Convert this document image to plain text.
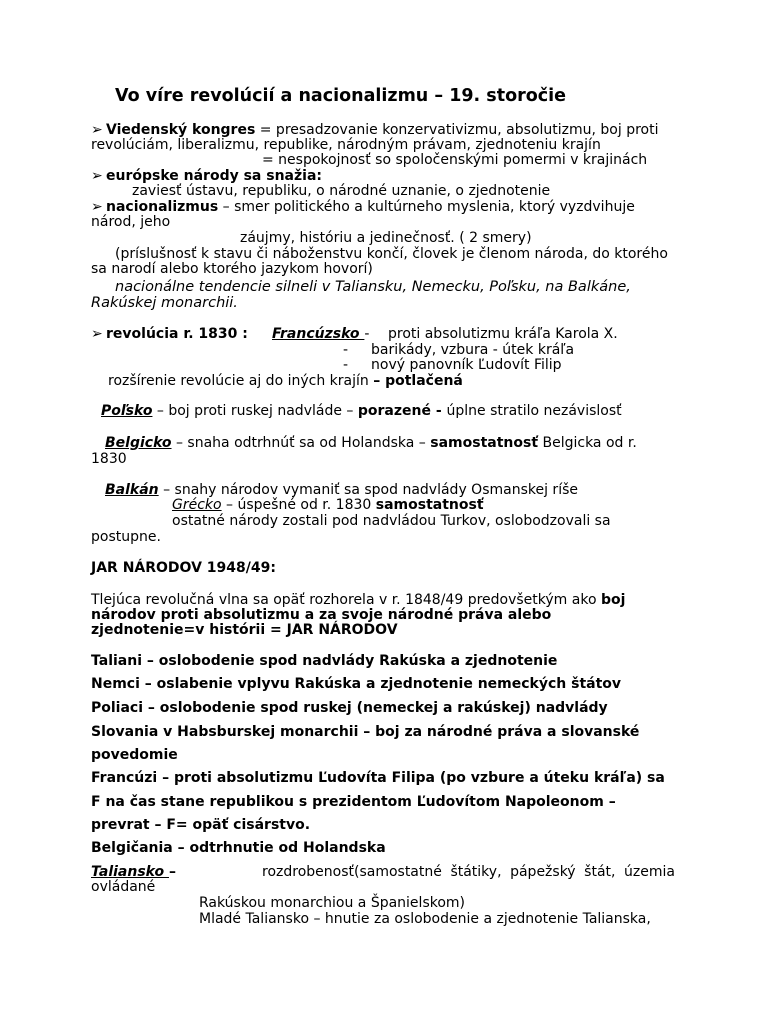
Vo víre revolúcií a nacionalizmu – 19. storočie
➢ Viedenský kongres = presadzovanie konzervativizmu, absolutizmu, boj proti
revolúciám, liberalizmu, republike, národným právam, zjednoteniu krajín
= nespokojnosť so spoločenskými pomermi v krajinách
➢ európske národy sa snažia:
zaviesť ústavu, republiku, o národné uznanie, o zjednotenie
➢ nacionalizmus – smer politického a kultúrneho myslenia, ktorý vyzdvihuje
národ, jeho
záujmy, históriu a jedinečnosť. ( 2 smery)
(príslušnosť k stavu či náboženstvu končí, človek je členom národa, do ktorého
sa narodí alebo ktorého jazykom hovorí)
nacionálne tendencie silneli v Taliansku, Nemecku, Poľsku, na Balkáne,
Rakúskej monarchii.
➢ revolúcia r. 1830 : Francúzsko - proti absolutizmu kráľa Karola X.
- barikády, vzbura - útek kráľa
- nový panovník Ľudovít Filip
rozšírenie revolúcie aj do iných krajín – potlačená
Poľsko – boj proti ruskej nadvláde – porazené - úplne stratilo nezávislosť
Belgicko – snaha odtrhnúť sa od Holandska – samostatnosť Belgicka od r.
1830
Balkán – snahy národov vymaniť sa spod nadvlády Osmanskej ríše
Grécko – úspešné od r. 1830 samostatnosť
ostatné národy zostali pod nadvládou Turkov, oslobodzovali sa
postupne.
JAR NÁRODOV 1948/49:
Tlejúca revolučná vlna sa opäť rozhorela v r. 1848/49 predovšetkým ako boj
národov proti absolutizmu a za svoje národné práva alebo
zjednotenie=v histórii = JAR NÁRODOV
Taliani – oslobodenie spod nadvlády Rakúska a zjednotenie
Nemci – oslabenie vplyvu Rakúska a zjednotenie nemeckých štátov
Poliaci – oslobodenie spod ruskej (nemeckej a rakúskej) nadvlády
Slovania v Habsburskej monarchii – boj za národné práva a slovanské
povedomie
Francúzi – proti absolutizmu Ľudovíta Filipa (po vzbure a úteku kráľa) sa
F na čas stane republikou s prezidentom Ľudovítom Napoleonom –
prevrat – F= opäť cisárstvo.
Belgičania – odtrhnutie od Holandska
Taliansko –	rozdrobenosť(samostatné štátiky, pápežský štát, územia
ovládané
Rakúskou monarchiou a Španielskom)
Mladé Taliansko – hnutie za oslobodenie a zjednotenie Talianska,
